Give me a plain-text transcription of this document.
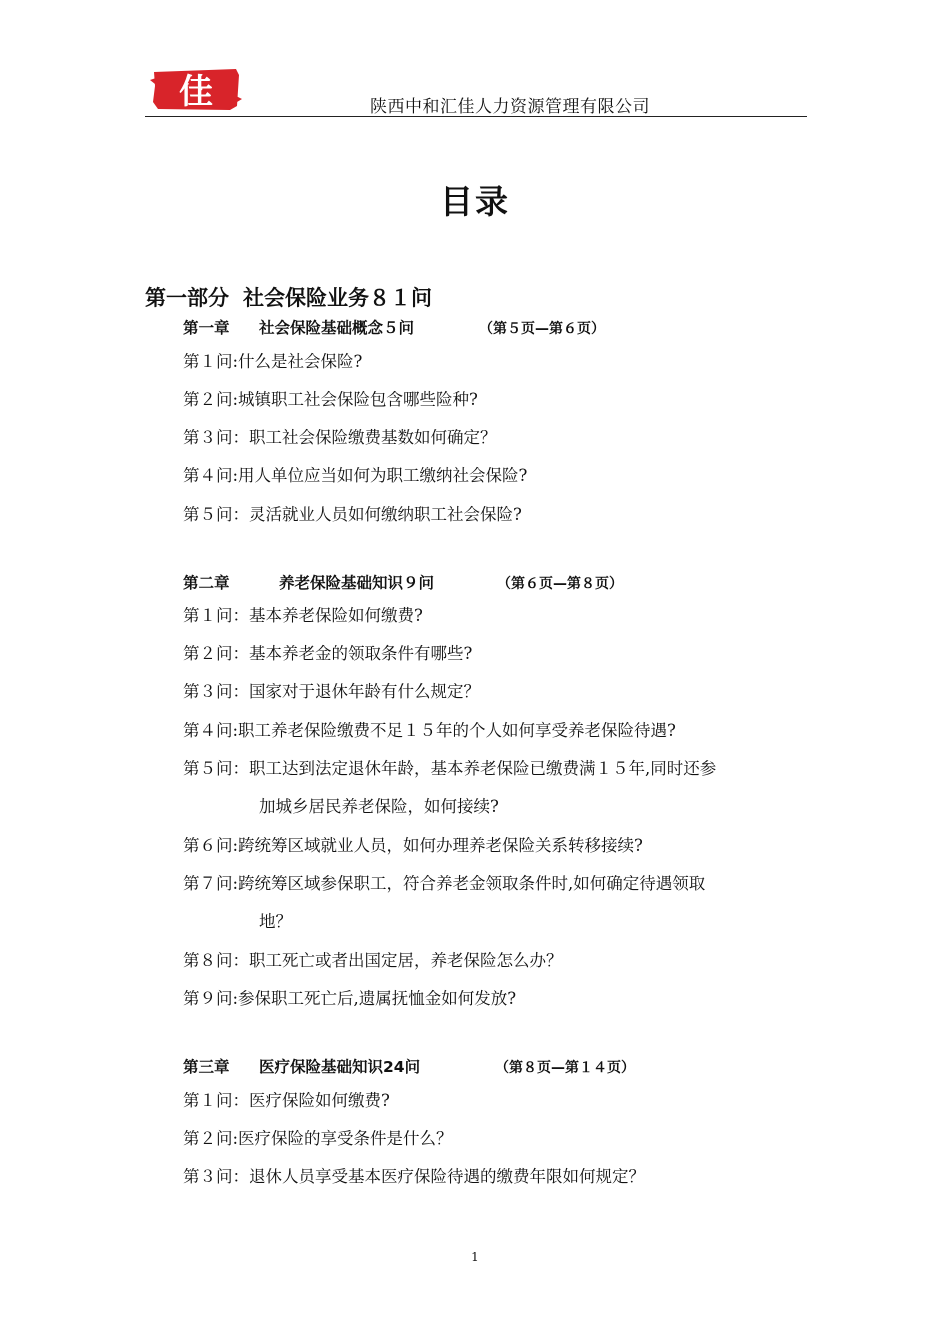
佳	陕西中和汇佳人力资源管理有限公司
目录
第一部分 社会保险业务８１问
第一章 社会保险基础概念５问	（第５页—第６页）
第１问:什么是社会保险?
第２问:城镇职工社会保险包含哪些险种?
第３问：职工社会保险缴费基数如何确定？
第４问:用人单位应当如何为职工缴纳社会保险?
第５问：灵活就业人员如何缴纳职工社会保险?
第二章	养老保险基础知识９问	（第６页—第８页）
第１问：基本养老保险如何缴费?
第２问：基本养老金的领取条件有哪些?
第３问：国家对于退休年龄有什么规定？
第４问:职工养老保险缴费不足１５年的个人如何享受养老保险待遇?
第５问：职工达到法定退休年龄，基本养老保险已缴费满１５年,同时还参
加城乡居民养老保险，如何接续?
第６问:跨统筹区域就业人员，如何办理养老保险关系转移接续?
第７问:跨统筹区域参保职工，符合养老金领取条件时,如何确定待遇领取
地？
第８问：职工死亡或者出国定居，养老保险怎么办？
第９问:参保职工死亡后,遗属抚恤金如何发放?
第三章 医疗保险基础知识24问	（第８页—第１４页）
第１问：医疗保险如何缴费?
第２问:医疗保险的享受条件是什么？
第３问：退休人员享受基本医疗保险待遇的缴费年限如何规定？
1
